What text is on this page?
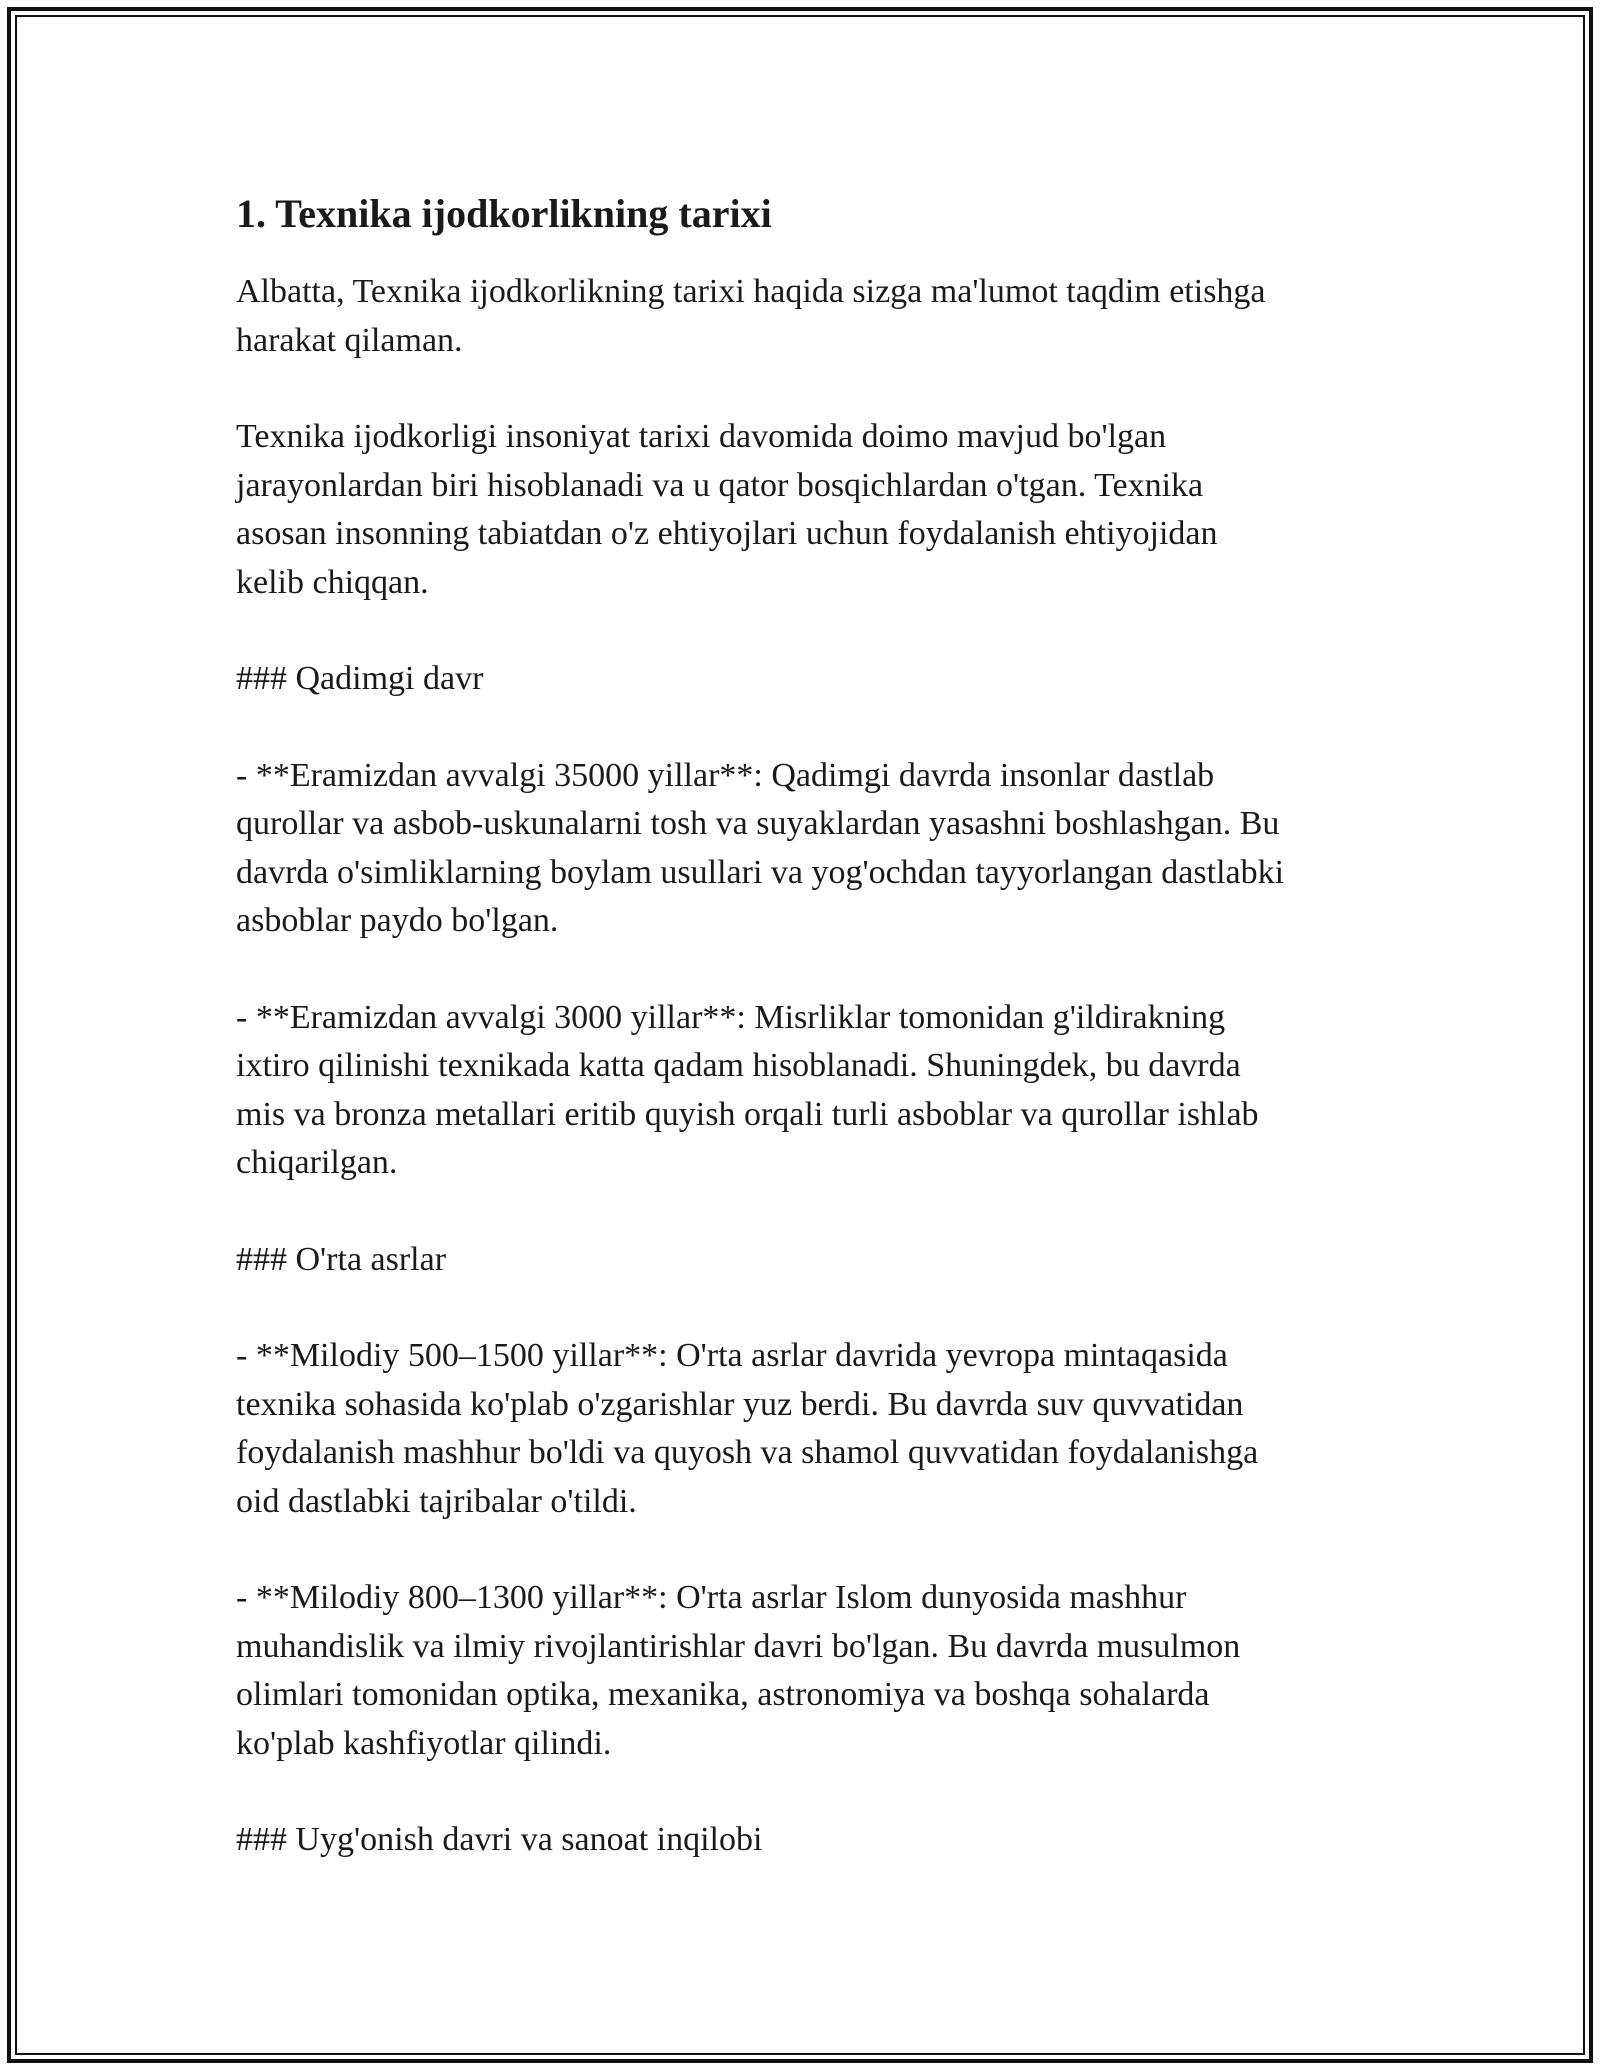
1. Texnika ijodkorlikning tarixi

Albatta, Texnika ijodkorlikning tarixi haqida sizga ma'lumot taqdim etishga
harakat qilaman.

Texnika ijodkorligi insoniyat tarixi davomida doimo mavjud bo'lgan
jarayonlardan biri hisoblanadi va u qator bosqichlardan o'tgan. Texnika
asosan insonning tabiatdan o'z ehtiyojlari uchun foydalanish ehtiyojidan
kelib chiqqan.

### Qadimgi davr

- **Eramizdan avvalgi 35000 yillar**: Qadimgi davrda insonlar dastlab
qurollar va asbob-uskunalarni tosh va suyaklardan yasashni boshlashgan. Bu
davrda o'simliklarning boylam usullari va yog'ochdan tayyorlangan dastlabki
asboblar paydo bo'lgan.

- **Eramizdan avvalgi 3000 yillar**: Misrliklar tomonidan g'ildirakning
ixtiro qilinishi texnikada katta qadam hisoblanadi. Shuningdek, bu davrda
mis va bronza metallari eritib quyish orqali turli asboblar va qurollar ishlab
chiqarilgan.

### O'rta asrlar

- **Milodiy 500–1500 yillar**: O'rta asrlar davrida yevropa mintaqasida
texnika sohasida ko'plab o'zgarishlar yuz berdi. Bu davrda suv quvvatidan
foydalanish mashhur bo'ldi va quyosh va shamol quvvatidan foydalanishga
oid dastlabki tajribalar o'tildi.

- **Milodiy 800–1300 yillar**: O'rta asrlar Islom dunyosida mashhur
muhandislik va ilmiy rivojlantirishlar davri bo'lgan. Bu davrda musulmon
olimlari tomonidan optika, mexanika, astronomiya va boshqa sohalarda
ko'plab kashfiyotlar qilindi.

### Uyg'onish davri va sanoat inqilobi
